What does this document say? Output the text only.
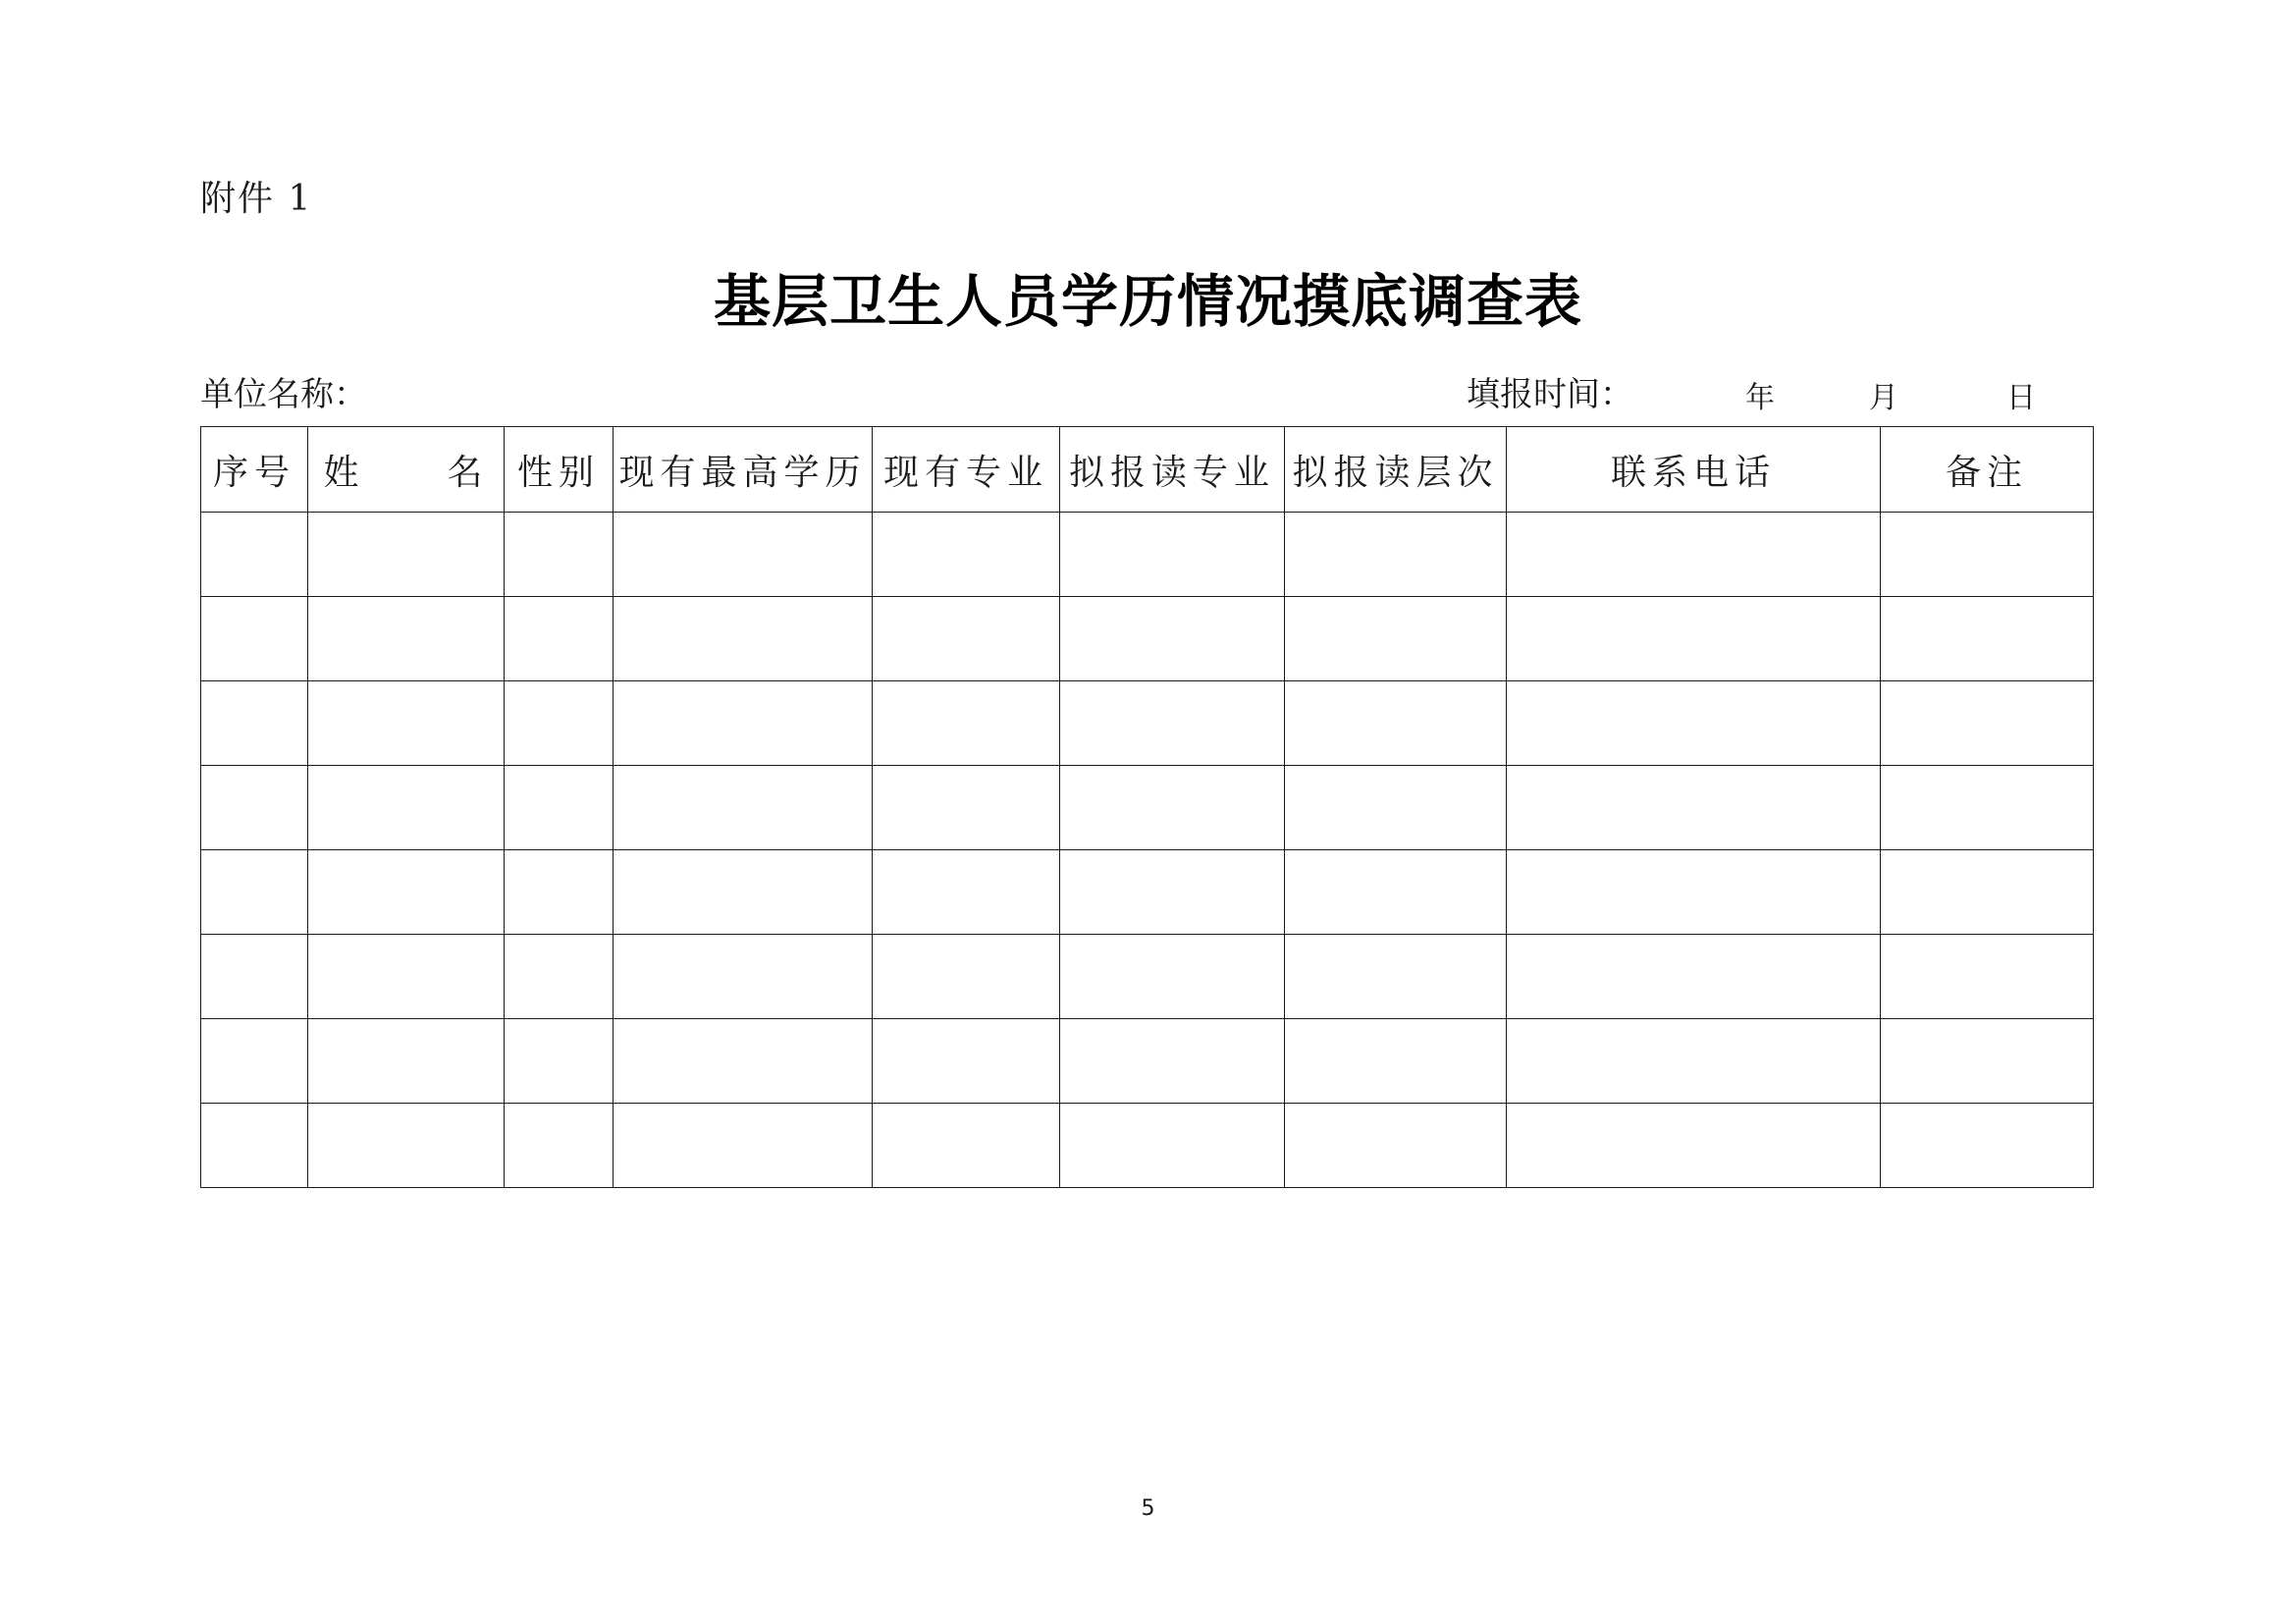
附件 1
基层卫生人员学历情况摸底调查表
单位名称：	填报时间：	年	月	日
序号	姓　　名	性别	现有最高学历	现有专业	拟报读专业	拟报读层次	联系电话	备注

5
